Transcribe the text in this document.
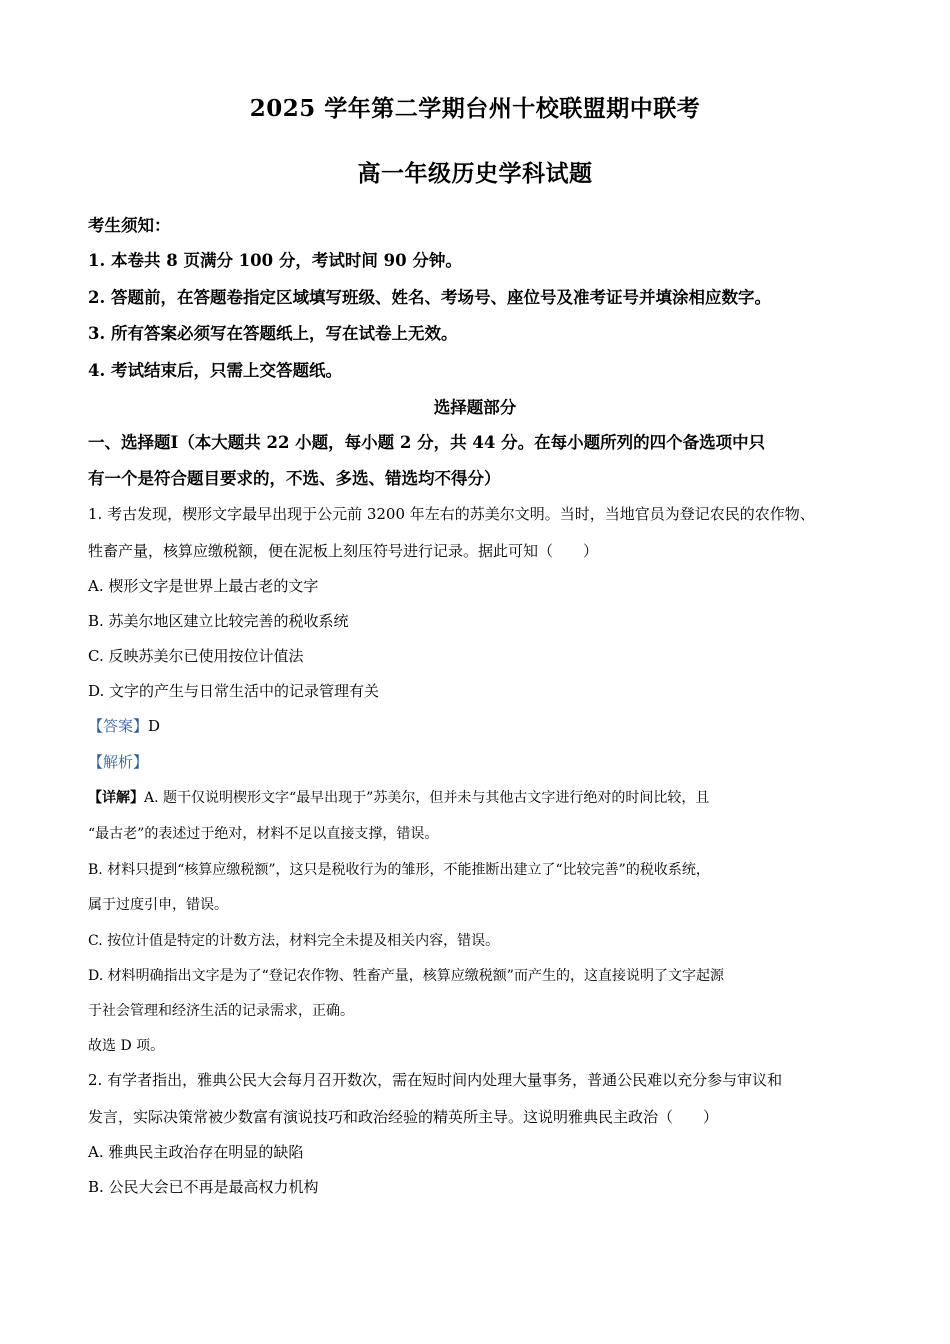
2025 学年第二学期台州十校联盟期中联考
高一年级历史学科试题
考生须知：
1. 本卷共 8 页满分 100 分，考试时间 90 分钟。
2. 答题前，在答题卷指定区域填写班级、姓名、考场号、座位号及准考证号并填涂相应数字。
3. 所有答案必须写在答题纸上，写在试卷上无效。
4. 考试结束后，只需上交答题纸。
选择题部分
一、选择题Ⅰ（本大题共 22 小题，每小题 2 分，共 44 分。在每小题所列的四个备选项中只
有一个是符合题目要求的，不选、多选、错选均不得分）
1. 考古发现，楔形文字最早出现于公元前 3200 年左右的苏美尔文明。当时，当地官员为登记农民的农作物、
牲畜产量，核算应缴税额，便在泥板上刻压符号进行记录。据此可知（　　）
A. 楔形文字是世界上最古老的文字
B. 苏美尔地区建立比较完善的税收系统
C. 反映苏美尔已使用按位计值法
D. 文字的产生与日常生活中的记录管理有关
【答案】D
【解析】
【详解】A. 题干仅说明楔形文字“最早出现于”苏美尔，但并未与其他古文字进行绝对的时间比较，且
“最古老”的表述过于绝对，材料不足以直接支撑，错误。
B. 材料只提到“核算应缴税额”，这只是税收行为的雏形，不能推断出建立了“比较完善”的税收系统，
属于过度引申，错误。
C. 按位计值是特定的计数方法，材料完全未提及相关内容，错误。
D. 材料明确指出文字是为了“登记农作物、牲畜产量，核算应缴税额”而产生的，这直接说明了文字起源
于社会管理和经济生活的记录需求，正确。
故选 D 项。
2. 有学者指出，雅典公民大会每月召开数次，需在短时间内处理大量事务，普通公民难以充分参与审议和
发言，实际决策常被少数富有演说技巧和政治经验的精英所主导。这说明雅典民主政治（　　）
A. 雅典民主政治存在明显的缺陷
B. 公民大会已不再是最高权力机构
